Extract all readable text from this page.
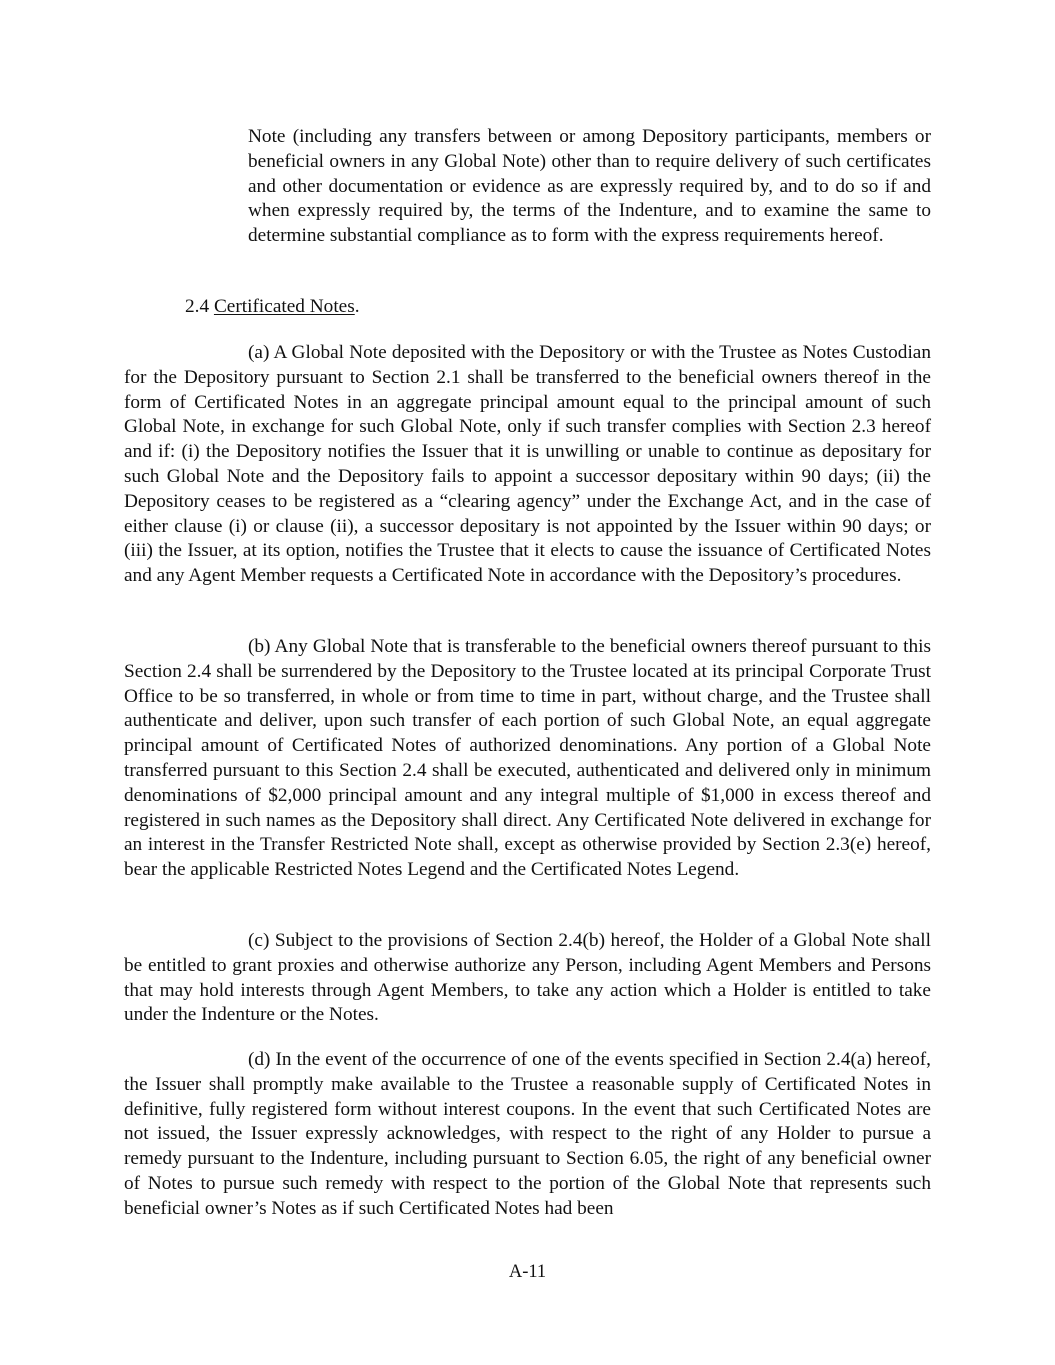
Note (including any transfers between or among Depository participants, members or beneficial owners in any Global Note) other than to require delivery of such certificates and other documentation or evidence as are expressly required by, and to do so if and when expressly required by, the terms of the Indenture, and to examine the same to determine substantial compliance as to form with the express requirements hereof.

2.4 Certificated Notes.

(a) A Global Note deposited with the Depository or with the Trustee as Notes Custodian for the Depository pursuant to Section 2.1 shall be transferred to the beneficial owners thereof in the form of Certificated Notes in an aggregate principal amount equal to the principal amount of such Global Note, in exchange for such Global Note, only if such transfer complies with Section 2.3 hereof and if: (i) the Depository notifies the Issuer that it is unwilling or unable to continue as depositary for such Global Note and the Depository fails to appoint a successor depositary within 90 days; (ii) the Depository ceases to be registered as a “clearing agency” under the Exchange Act, and in the case of either clause (i) or clause (ii), a successor depositary is not appointed by the Issuer within 90 days; or (iii) the Issuer, at its option, notifies the Trustee that it elects to cause the issuance of Certificated Notes and any Agent Member requests a Certificated Note in accordance with the Depository’s procedures.

(b) Any Global Note that is transferable to the beneficial owners thereof pursuant to this Section 2.4 shall be surrendered by the Depository to the Trustee located at its principal Corporate Trust Office to be so transferred, in whole or from time to time in part, without charge, and the Trustee shall authenticate and deliver, upon such transfer of each portion of such Global Note, an equal aggregate principal amount of Certificated Notes of authorized denominations. Any portion of a Global Note transferred pursuant to this Section 2.4 shall be executed, authenticated and delivered only in minimum denominations of $2,000 principal amount and any integral multiple of $1,000 in excess thereof and registered in such names as the Depository shall direct. Any Certificated Note delivered in exchange for an interest in the Transfer Restricted Note shall, except as otherwise provided by Section 2.3(e) hereof, bear the applicable Restricted Notes Legend and the Certificated Notes Legend.

(c) Subject to the provisions of Section 2.4(b) hereof, the Holder of a Global Note shall be entitled to grant proxies and otherwise authorize any Person, including Agent Members and Persons that may hold interests through Agent Members, to take any action which a Holder is entitled to take under the Indenture or the Notes.

(d) In the event of the occurrence of one of the events specified in Section 2.4(a) hereof, the Issuer shall promptly make available to the Trustee a reasonable supply of Certificated Notes in definitive, fully registered form without interest coupons. In the event that such Certificated Notes are not issued, the Issuer expressly acknowledges, with respect to the right of any Holder to pursue a remedy pursuant to the Indenture, including pursuant to Section 6.05, the right of any beneficial owner of Notes to pursue such remedy with respect to the portion of the Global Note that represents such beneficial owner’s Notes as if such Certificated Notes had been

A-11
